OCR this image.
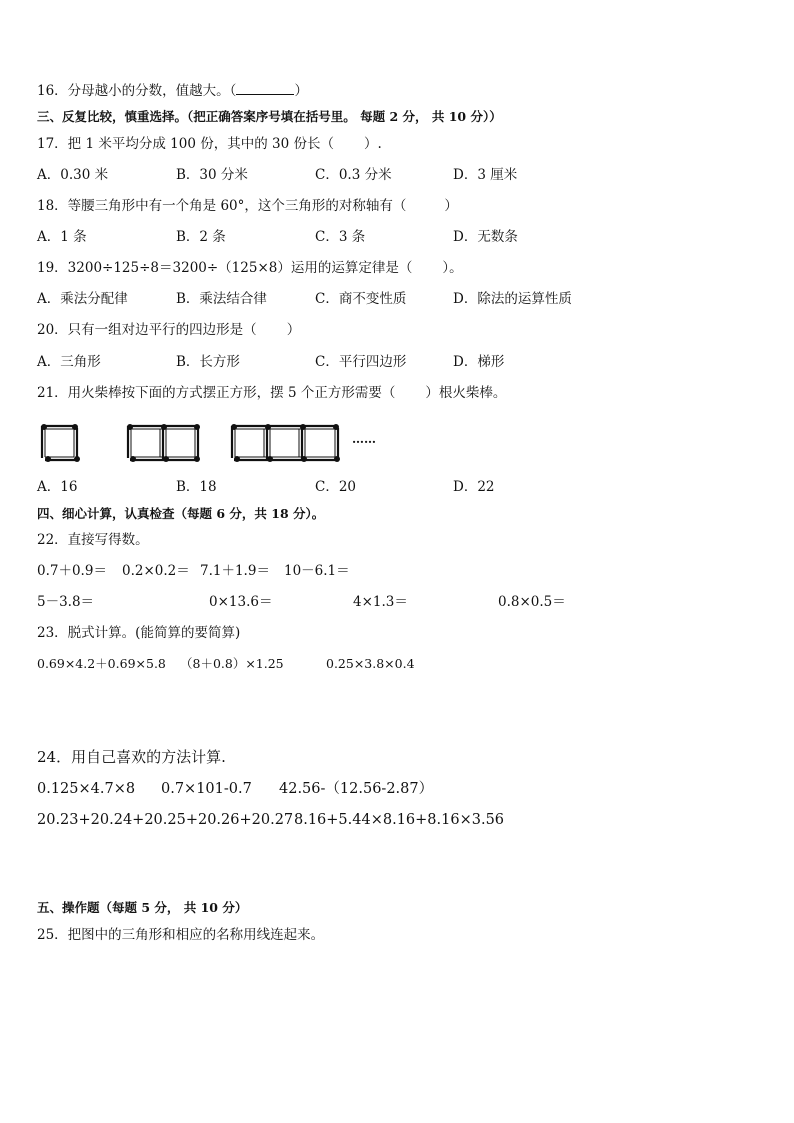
16．分母越小的分数，值越大。（	）
三、反复比较，慎重选择。（把正确答案序号填在括号里。 每题 2 分， 共 10 分））
17．把 1 米平均分成 100 份，其中的 30 份长（ ）.
A．0.30 米	B．30 分米	C．0.3 分米	D．3 厘米
18．等腰三角形中有一个角是 60°，这个三角形的对称轴有（	）
A．1 条	B．2 条	C．3 条	D．无数条
19．3200÷125÷8＝3200÷（125×8）运用的运算定律是（ ）。
A．乘法分配律	B．乘法结合律	C．商不变性质	D．除法的运算性质
20．只有一组对边平行的四边形是（ ）
A．三角形	B．长方形	C．平行四边形	D．梯形
21．用火柴棒按下面的方式摆正方形，摆 5 个正方形需要（ ）根火柴棒。
……
A．16	B．18	C．20	D．22
四、细心计算，认真检查（每题 6 分，共 18 分）。
22．直接写得数。
0.7＋0.9＝ 0.2×0.2＝ 7.1＋1.9＝ 10－6.1＝
5－3.8＝	0×13.6＝	4×1.3＝	0.8×0.5＝
23．脱式计算。(能简算的要简算)
0.69×4.2＋0.69×5.8 （8＋0.8）×1.25	0.25×3.8×0.4
24．用自己喜欢的方法计算.
0.125×4.7×8 0.7×101-0.7 42.56-（12.56-2.87）
20.23+20.24+20.25+20.26+20.27 8.16+5.44×8.16+8.16×3.56
五、操作题（每题 5 分， 共 10 分）
25．把图中的三角形和相应的名称用线连起来。
